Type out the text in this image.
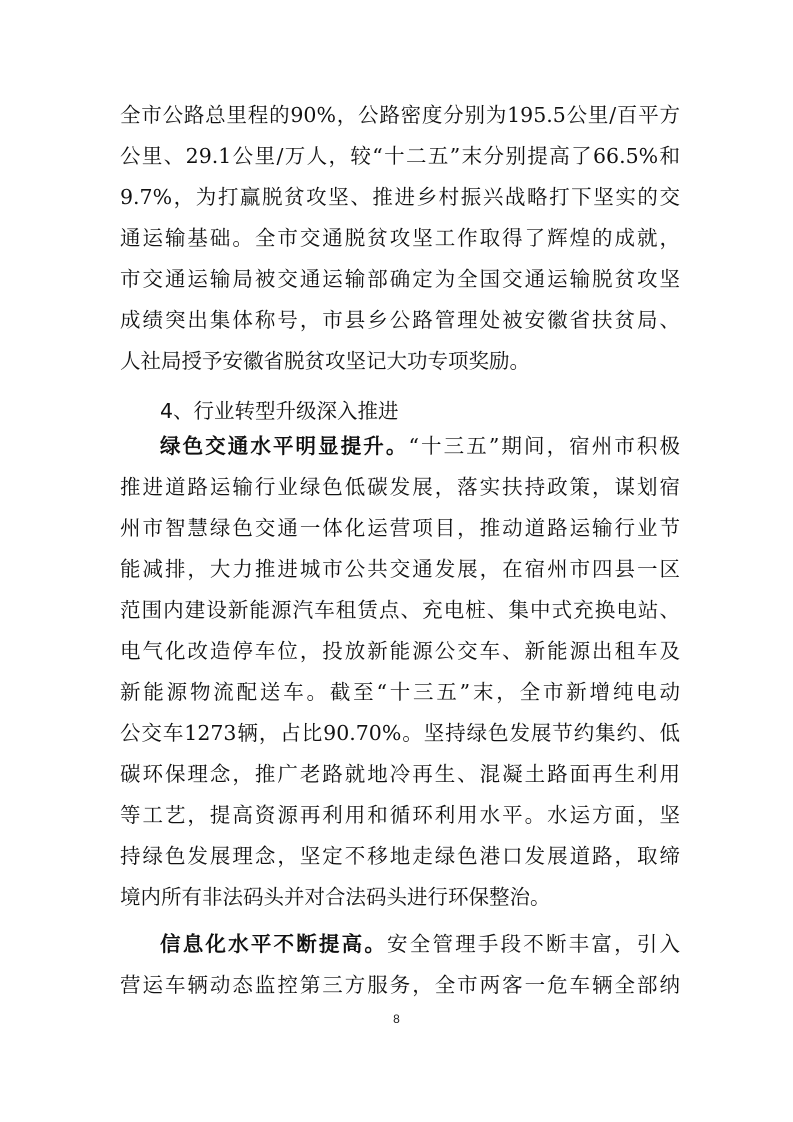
全市公路总里程的90%，公路密度分别为195.5公里/百平方
公里、29.1公里/万人，较“十二五”末分别提高了66.5%和
9.7%，为打赢脱贫攻坚、推进乡村振兴战略打下坚实的交
通运输基础。全市交通脱贫攻坚工作取得了辉煌的成就，
市交通运输局被交通运输部确定为全国交通运输脱贫攻坚
成绩突出集体称号，市县乡公路管理处被安徽省扶贫局、
人社局授予安徽省脱贫攻坚记大功专项奖励。
4、行业转型升级深入推进
绿色交通水平明显提升。“十三五”期间，宿州市积极
推进道路运输行业绿色低碳发展，落实扶持政策，谋划宿
州市智慧绿色交通一体化运营项目，推动道路运输行业节
能减排，大力推进城市公共交通发展，在宿州市四县一区
范围内建设新能源汽车租赁点、充电桩、集中式充换电站、
电气化改造停车位，投放新能源公交车、新能源出租车及
新能源物流配送车。截至“十三五”末，全市新增纯电动
公交车1273辆，占比90.70%。坚持绿色发展节约集约、低
碳环保理念，推广老路就地冷再生、混凝土路面再生利用
等工艺，提高资源再利用和循环利用水平。水运方面，坚
持绿色发展理念，坚定不移地走绿色港口发展道路，取缔
境内所有非法码头并对合法码头进行环保整治。
信息化水平不断提高。安全管理手段不断丰富，引入
营运车辆动态监控第三方服务，全市两客一危车辆全部纳
8
